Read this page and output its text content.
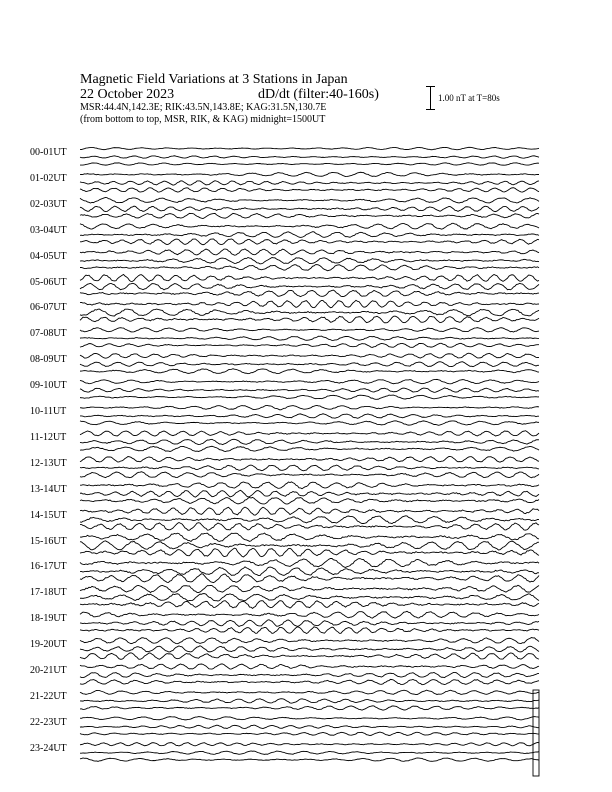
Magnetic Field Variations at 3 Stations in Japan
22 October 2023	dD/dt (filter:40-160s)
MSR:44.4N,142.3E; RIK:43.5N,143.8E; KAG:31.5N,130.7E
(from bottom to top, MSR, RIK, & KAG) midnight=1500UT
1.00 nT at T=80s
00-01UT
01-02UT
02-03UT
03-04UT
04-05UT
05-06UT
06-07UT
07-08UT
08-09UT
09-10UT
10-11UT
11-12UT
12-13UT
13-14UT
14-15UT
15-16UT
16-17UT
17-18UT
18-19UT
19-20UT
20-21UT
21-22UT
22-23UT
23-24UT
